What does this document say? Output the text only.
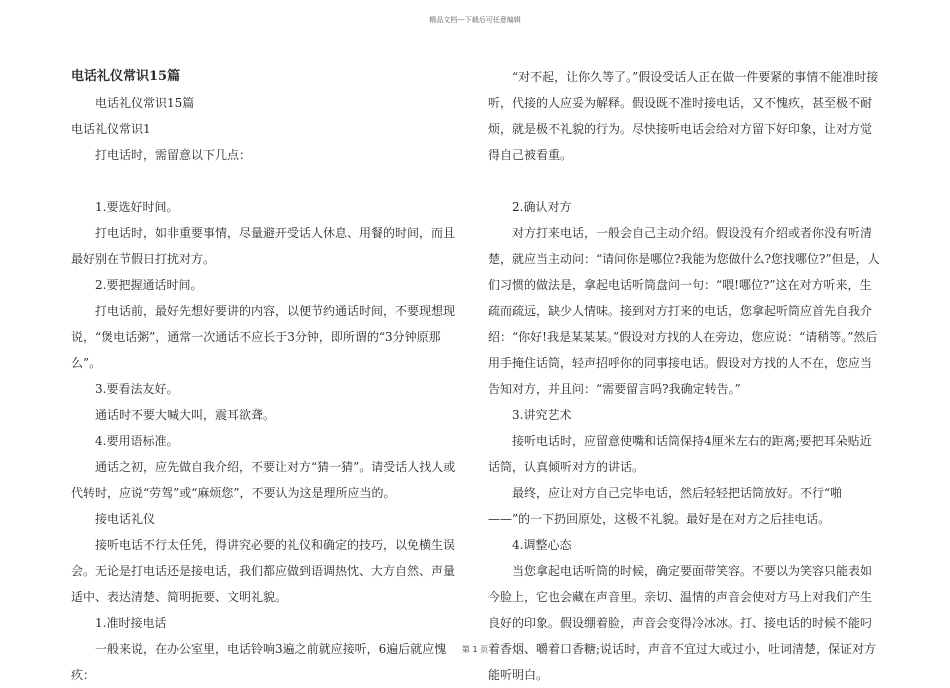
精品文档---下载后可任意编辑

电话礼仪常识15篇

电话礼仪常识15篇

电话礼仪常识1

打电话时，需留意以下几点：

1.要选好时间。

打电话时，如非重要事情，尽量避开受话人休息、用餐的时间，而且最好别在节假日打扰对方。

2.要把握通话时间。

打电话前，最好先想好要讲的内容，以便节约通话时间，不要现想现说，“煲电话粥”，通常一次通话不应长于3分钟，即所谓的“3分钟原那么”。

3.要看法友好。

通话时不要大喊大叫，震耳欲聋。

4.要用语标准。

通话之初，应先做自我介绍，不要让对方“猜一猜”。请受话人找人或代转时，应说“劳驾”或“麻烦您”，不要认为这是理所应当的。

接电话礼仪

接听电话不行太任凭，得讲究必要的礼仪和确定的技巧，以免横生误会。无论是打电话还是接电话，我们都应做到语调热忱、大方自然、声量适中、表达清楚、简明扼要、文明礼貌。

1.准时接电话

一般来说，在办公室里，电话铃响3遍之前就应接听，6遍后就应愧疚：

“对不起，让你久等了。”假设受话人正在做一件要紧的事情不能准时接听，代接的人应妥为解释。假设既不准时接电话，又不愧疚，甚至极不耐烦，就是极不礼貌的行为。尽快接听电话会给对方留下好印象，让对方觉得自己被看重。

2.确认对方

对方打来电话，一般会自己主动介绍。假设没有介绍或者你没有听清楚，就应当主动问：“请问你是哪位?我能为您做什么?您找哪位?”但是，人们习惯的做法是，拿起电话听筒盘问一句：“喂!哪位?”这在对方听来，生疏而疏远，缺少人情味。接到对方打来的电话，您拿起听筒应首先自我介绍：“你好!我是某某某。”假设对方找的人在旁边，您应说：“请稍等。”然后用手掩住话筒，轻声招呼你的同事接电话。假设对方找的人不在，您应当告知对方，并且问：“需要留言吗?我确定转告。”

3.讲究艺术

接听电话时，应留意使嘴和话筒保持4厘米左右的距离;要把耳朵贴近话筒，认真倾听对方的讲话。

最终，应让对方自己完毕电话，然后轻轻把话筒放好。不行“啪——”的一下扔回原处，这极不礼貌。最好是在对方之后挂电话。

4.调整心态

当您拿起电话听筒的时候，确定要面带笑容。不要以为笑容只能表如今脸上，它也会藏在声音里。亲切、温情的声音会使对方马上对我们产生良好的印象。假设绷着脸，声音会变得冷冰冰。打、接电话的时候不能叼着香烟、嚼着口香糖;说话时，声音不宜过大或过小，吐词清楚，保证对方能听明白。

第 1 页
